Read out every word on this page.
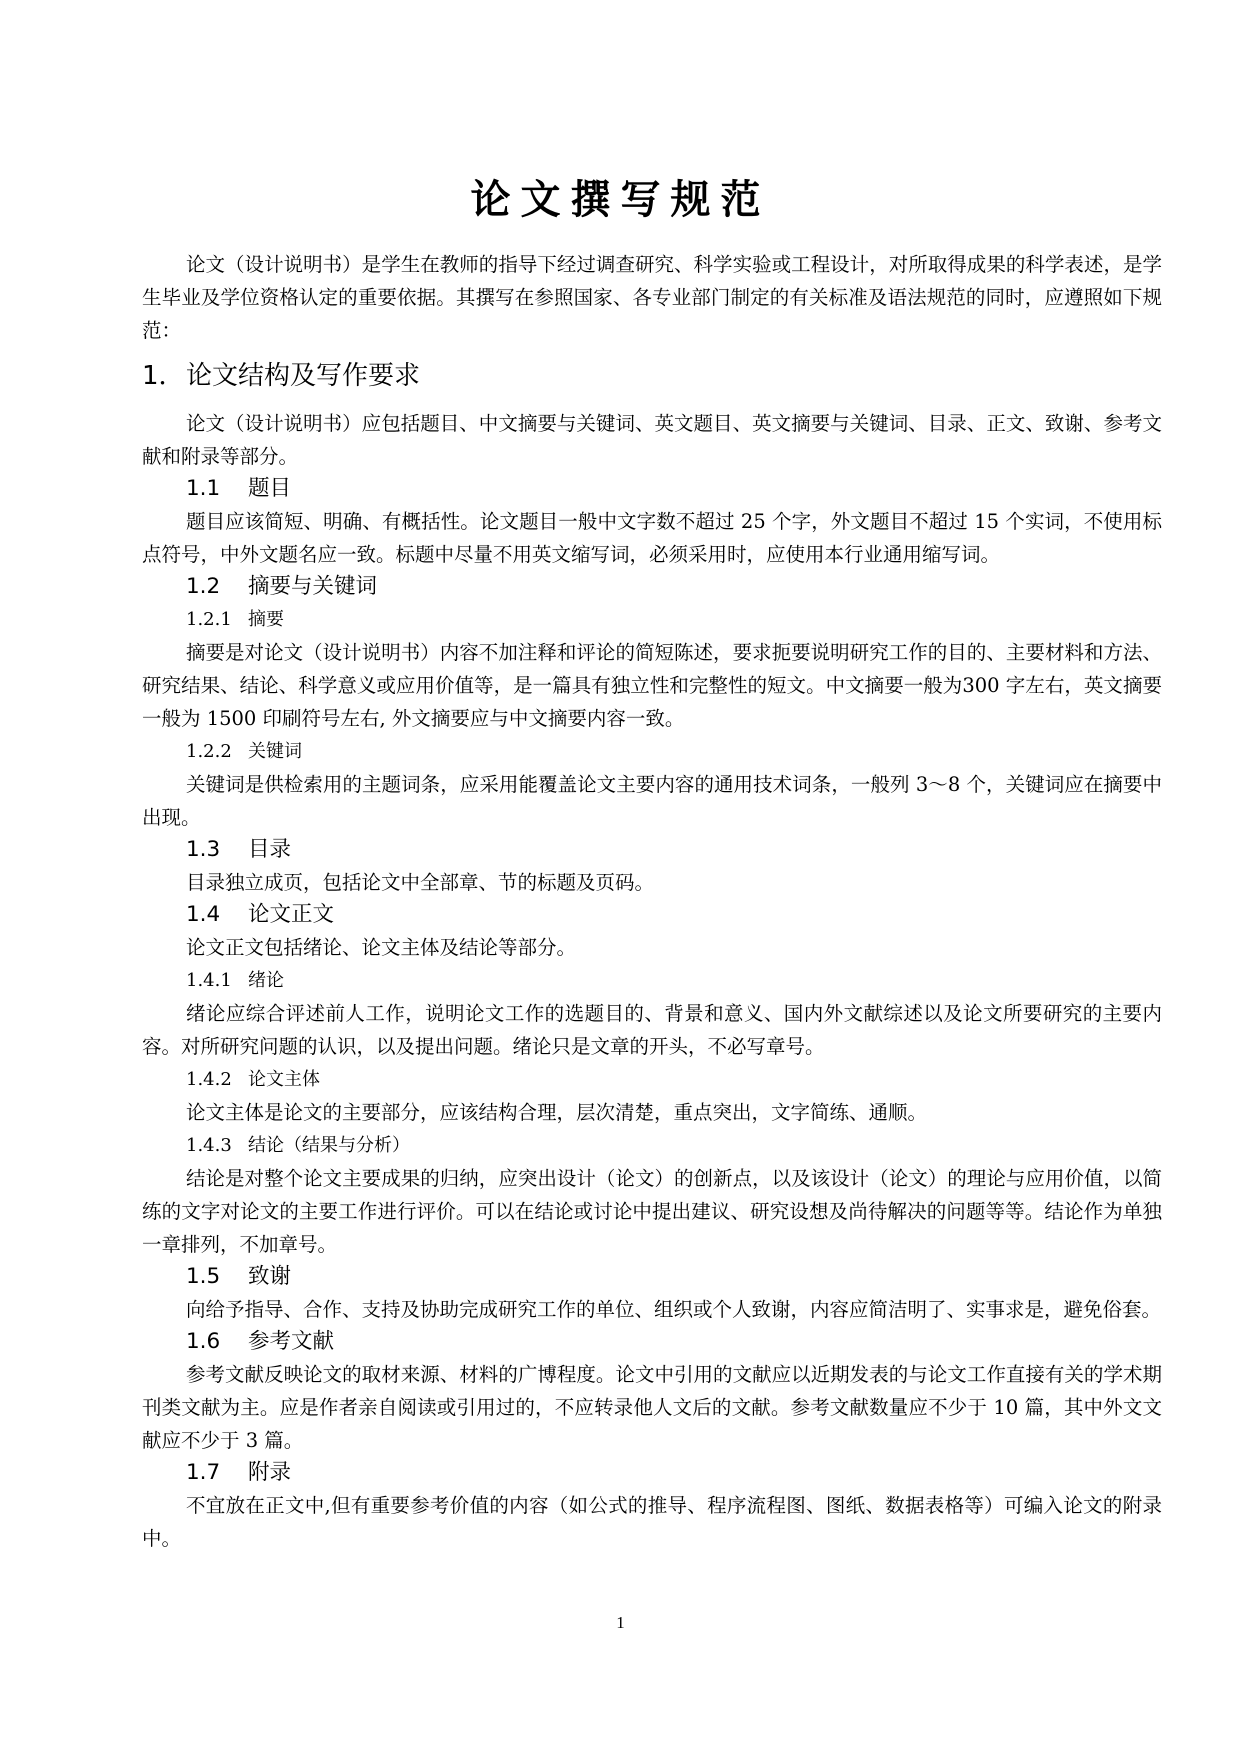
论文撰写规范

论文（设计说明书）是学生在教师的指导下经过调查研究、科学实验或工程设计，对所取得成果的科学表述，是学生毕业及学位资格认定的重要依据。其撰写在参照国家、各专业部门制定的有关标准及语法规范的同时，应遵照如下规范：

1．论文结构及写作要求

论文（设计说明书）应包括题目、中文摘要与关键词、英文题目、英文摘要与关键词、目录、正文、致谢、参考文献和附录等部分。

1.1 题目

题目应该简短、明确、有概括性。论文题目一般中文字数不超过 25 个字，外文题目不超过 15 个实词，不使用标点符号，中外文题名应一致。标题中尽量不用英文缩写词，必须采用时，应使用本行业通用缩写词。

1.2 摘要与关键词
1.2.1 摘要

摘要是对论文（设计说明书）内容不加注释和评论的简短陈述，要求扼要说明研究工作的目的、主要材料和方法、研究结果、结论、科学意义或应用价值等，是一篇具有独立性和完整性的短文。中文摘要一般为300 字左右，英文摘要一般为 1500 印刷符号左右, 外文摘要应与中文摘要内容一致。

1.2.2 关键词

关键词是供检索用的主题词条，应采用能覆盖论文主要内容的通用技术词条，一般列 3～8 个，关键词应在摘要中出现。

1.3 目录

目录独立成页，包括论文中全部章、节的标题及页码。

1.4 论文正文

论文正文包括绪论、论文主体及结论等部分。

1.4.1 绪论

绪论应综合评述前人工作，说明论文工作的选题目的、背景和意义、国内外文献综述以及论文所要研究的主要内容。对所研究问题的认识，以及提出问题。绪论只是文章的开头，不必写章号。

1.4.2 论文主体

论文主体是论文的主要部分，应该结构合理，层次清楚，重点突出，文字简练、通顺。

1.4.3 结论（结果与分析）

结论是对整个论文主要成果的归纳，应突出设计（论文）的创新点，以及该设计（论文）的理论与应用价值，以简练的文字对论文的主要工作进行评价。可以在结论或讨论中提出建议、研究设想及尚待解决的问题等等。结论作为单独一章排列，不加章号。

1.5 致谢

向给予指导、合作、支持及协助完成研究工作的单位、组织或个人致谢，内容应简洁明了、实事求是，避免俗套。

1.6 参考文献

参考文献反映论文的取材来源、材料的广博程度。论文中引用的文献应以近期发表的与论文工作直接有关的学术期刊类文献为主。应是作者亲自阅读或引用过的，不应转录他人文后的文献。参考文献数量应不少于 10 篇，其中外文文献应不少于 3 篇。

1.7 附录

不宜放在正文中,但有重要参考价值的内容（如公式的推导、程序流程图、图纸、数据表格等）可编入论文的附录中。

1
